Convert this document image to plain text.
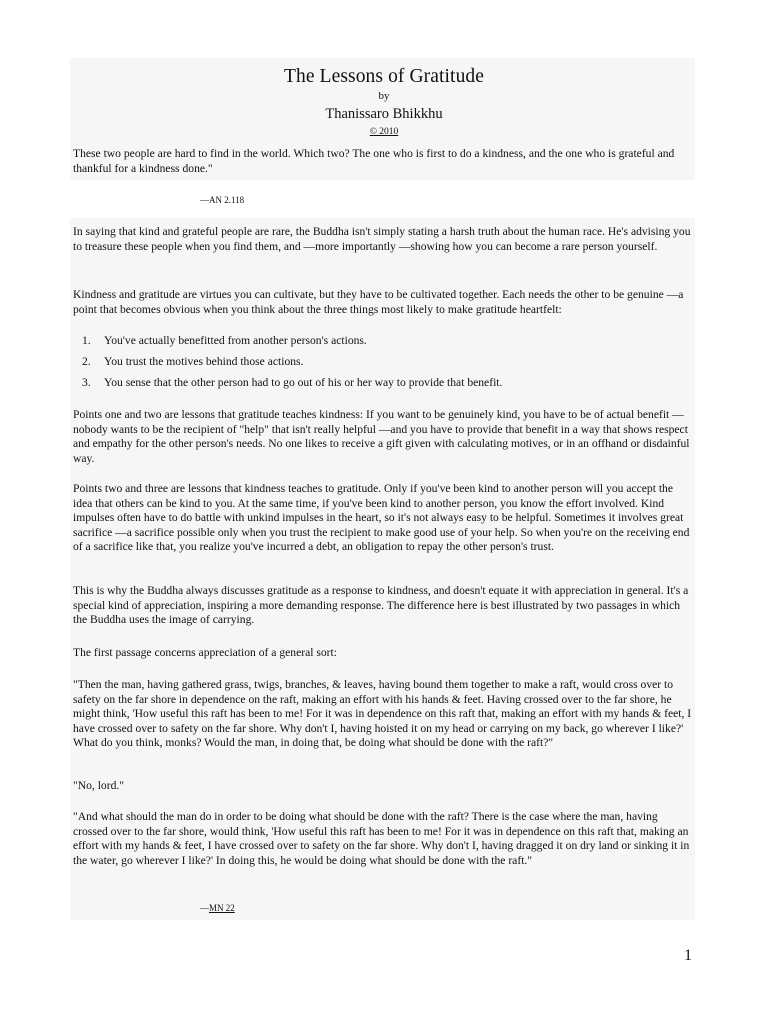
The Lessons of Gratitude
by
Thanissaro Bhikkhu
© 2010

These two people are hard to find in the world. Which two? The one who is first to do a kindness, and the one who is grateful and thankful for a kindness done."

—AN 2.118

In saying that kind and grateful people are rare, the Buddha isn't simply stating a harsh truth about the human race. He's advising you to treasure these people when you find them, and —more importantly —showing how you can become a rare person yourself.

Kindness and gratitude are virtues you can cultivate, but they have to be cultivated together. Each needs the other to be genuine —a point that becomes obvious when you think about the three things most likely to make gratitude heartfelt:

1. You've actually benefitted from another person's actions.
2. You trust the motives behind those actions.
3. You sense that the other person had to go out of his or her way to provide that benefit.

Points one and two are lessons that gratitude teaches kindness: If you want to be genuinely kind, you have to be of actual benefit —nobody wants to be the recipient of "help" that isn't really helpful —and you have to provide that benefit in a way that shows respect and empathy for the other person's needs. No one likes to receive a gift given with calculating motives, or in an offhand or disdainful way.

Points two and three are lessons that kindness teaches to gratitude. Only if you've been kind to another person will you accept the idea that others can be kind to you. At the same time, if you've been kind to another person, you know the effort involved. Kind impulses often have to do battle with unkind impulses in the heart, so it's not always easy to be helpful. Sometimes it involves great sacrifice —a sacrifice possible only when you trust the recipient to make good use of your help. So when you're on the receiving end of a sacrifice like that, you realize you've incurred a debt, an obligation to repay the other person's trust.

This is why the Buddha always discusses gratitude as a response to kindness, and doesn't equate it with appreciation in general. It's a special kind of appreciation, inspiring a more demanding response. The difference here is best illustrated by two passages in which the Buddha uses the image of carrying.

The first passage concerns appreciation of a general sort:

"Then the man, having gathered grass, twigs, branches, & leaves, having bound them together to make a raft, would cross over to safety on the far shore in dependence on the raft, making an effort with his hands & feet. Having crossed over to the far shore, he might think, 'How useful this raft has been to me! For it was in dependence on this raft that, making an effort with my hands & feet, I have crossed over to safety on the far shore. Why don't I, having hoisted it on my head or carrying on my back, go wherever I like?' What do you think, monks? Would the man, in doing that, be doing what should be done with the raft?"

"No, lord."

"And what should the man do in order to be doing what should be done with the raft? There is the case where the man, having crossed over to the far shore, would think, 'How useful this raft has been to me! For it was in dependence on this raft that, making an effort with my hands & feet, I have crossed over to safety on the far shore. Why don't I, having dragged it on dry land or sinking it in the water, go wherever I like?' In doing this, he would be doing what should be done with the raft."

—MN 22
1
